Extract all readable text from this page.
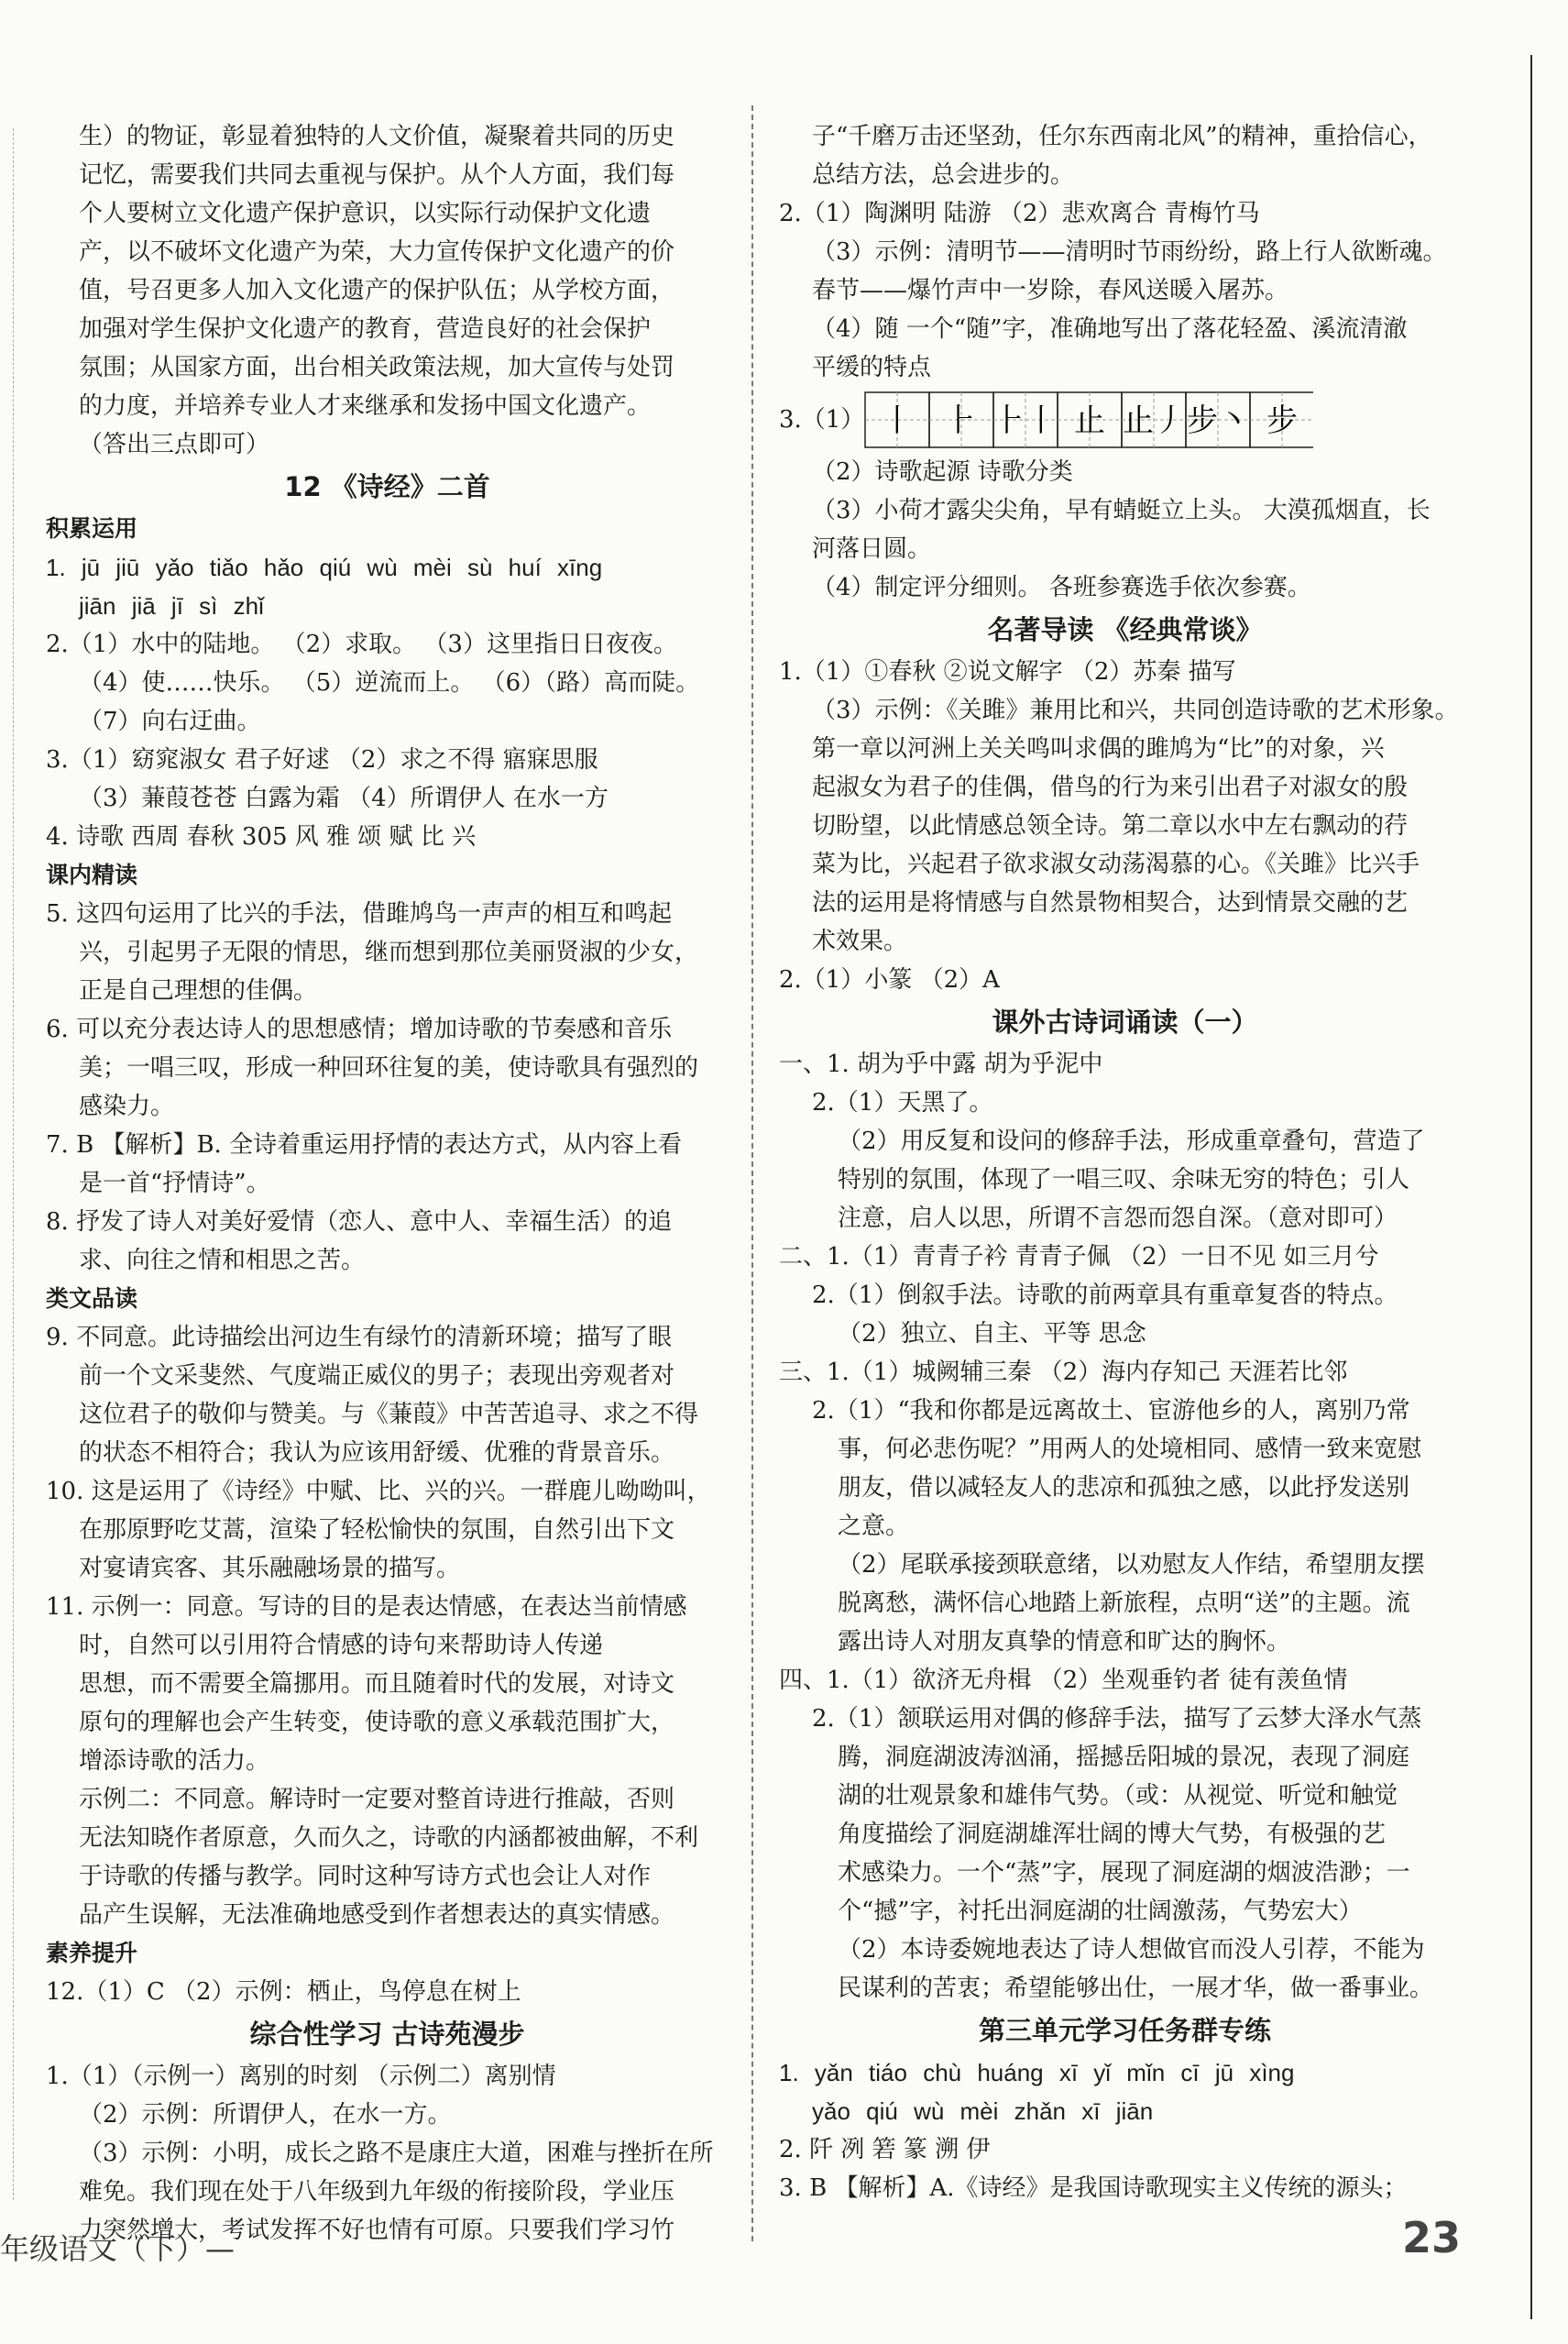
生）的物证，彰显着独特的人文价值，凝聚着共同的历史

记忆，需要我们共同去重视与保护。从个人方面，我们每

个人要树立文化遗产保护意识，以实际行动保护文化遗

产，以不破坏文化遗产为荣，大力宣传保护文化遗产的价

值，号召更多人加入文化遗产的保护队伍；从学校方面，

加强对学生保护文化遗产的教育，营造良好的社会保护

氛围；从国家方面，出台相关政策法规，加大宣传与处罚

的力度，并培养专业人才来继承和发扬中国文化遗产。

（答出三点即可）

12 《诗经》二首
积累运用

1. jū jiū yǎo tiǎo hǎo qiú wù mèi sù huí xīng

jiān jiā jī sì zhǐ

2.（1）水中的陆地。 （2）求取。 （3）这里指日日夜夜。

（4）使……快乐。 （5）逆流而上。 （6）（路）高而陡。

（7）向右迂曲。

3.（1）窈窕淑女 君子好逑 （2）求之不得 寤寐思服

（3）蒹葭苍苍 白露为霜 （4）所谓伊人 在水一方

4. 诗歌 西周 春秋 305 风 雅 颂 赋 比 兴

课内精读

5. 这四句运用了比兴的手法，借雎鸠鸟一声声的相互和鸣起

兴，引起男子无限的情思，继而想到那位美丽贤淑的少女，

正是自己理想的佳偶。

6. 可以充分表达诗人的思想感情；增加诗歌的节奏感和音乐

美；一唱三叹，形成一种回环往复的美，使诗歌具有强烈的

感染力。

7. B 【解析】B. 全诗着重运用抒情的表达方式，从内容上看

是一首“抒情诗”。

8. 抒发了诗人对美好爱情（恋人、意中人、幸福生活）的追

求、向往之情和相思之苦。

类文品读

9. 不同意。此诗描绘出河边生有绿竹的清新环境；描写了眼

前一个文采斐然、气度端正威仪的男子；表现出旁观者对

这位君子的敬仰与赞美。与《蒹葭》中苦苦追寻、求之不得

的状态不相符合；我认为应该用舒缓、优雅的背景音乐。

10. 这是运用了《诗经》中赋、比、兴的兴。一群鹿儿呦呦叫，

在那原野吃艾蒿，渲染了轻松愉快的氛围，自然引出下文

对宴请宾客、其乐融融场景的描写。

11. 示例一：同意。写诗的目的是表达情感，在表达当前情感

时，自然可以引用符合情感的诗句来帮助诗人传递

思想，而不需要全篇挪用。而且随着时代的发展，对诗文

原句的理解也会产生转变，使诗歌的意义承载范围扩大，

增添诗歌的活力。

示例二：不同意。解诗时一定要对整首诗进行推敲，否则

无法知晓作者原意，久而久之，诗歌的内涵都被曲解，不利

于诗歌的传播与教学。同时这种写诗方式也会让人对作

品产生误解，无法准确地感受到作者想表达的真实情感。

素养提升

12.（1）C （2）示例：栖止，鸟停息在树上

综合性学习 古诗苑漫步

1.（1）（示例一）离别的时刻 （示例二）离别情

（2）示例：所谓伊人，在水一方。

（3）示例：小明，成长之路不是康庄大道，困难与挫折在所

难免。我们现在处于八年级到九年级的衔接阶段，学业压

力突然增大，考试发挥不好也情有可原。只要我们学习竹

子“千磨万击还坚劲，任尔东西南北风”的精神，重拾信心，

总结方法，总会进步的。

2.（1）陶渊明 陆游 （2）悲欢离合 青梅竹马

（3）示例：清明节——清明时节雨纷纷，路上行人欲断魂。

春节——爆竹声中一岁除，春风送暖入屠苏。

（4）随 一个“随”字，准确地写出了落花轻盈、溪流清澈

平缓的特点

3.（1） 丨 ⺊ ⺊丨 止 止丿 步丶 步

（2）诗歌起源 诗歌分类

（3）小荷才露尖尖角，早有蜻蜓立上头。 大漠孤烟直，长

河落日圆。

（4）制定评分细则。 各班参赛选手依次参赛。

名著导读 《经典常谈》

1.（1）①春秋 ②说文解字 （2）苏秦 描写

（3）示例：《关雎》兼用比和兴，共同创造诗歌的艺术形象。

第一章以河洲上关关鸣叫求偶的雎鸠为“比”的对象，兴

起淑女为君子的佳偶，借鸟的行为来引出君子对淑女的殷

切盼望，以此情感总领全诗。第二章以水中左右飘动的荇

菜为比，兴起君子欲求淑女动荡渴慕的心。《关雎》比兴手

法的运用是将情感与自然景物相契合，达到情景交融的艺

术效果。

2.（1）小篆 （2）A

课外古诗词诵读（一）

一、1. 胡为乎中露 胡为乎泥中

2.（1）天黑了。

（2）用反复和设问的修辞手法，形成重章叠句，营造了

特别的氛围，体现了一唱三叹、余味无穷的特色；引人

注意，启人以思，所谓不言怨而怨自深。（意对即可）

二、1.（1）青青子衿 青青子佩 （2）一日不见 如三月兮

2.（1）倒叙手法。诗歌的前两章具有重章复沓的特点。

（2）独立、自主、平等 思念

三、1.（1）城阙辅三秦 （2）海内存知己 天涯若比邻

2.（1）“我和你都是远离故土、宦游他乡的人，离别乃常

事，何必悲伤呢？”用两人的处境相同、感情一致来宽慰

朋友，借以减轻友人的悲凉和孤独之感，以此抒发送别

之意。

（2）尾联承接颈联意绪，以劝慰友人作结，希望朋友摆

脱离愁，满怀信心地踏上新旅程，点明“送”的主题。流

露出诗人对朋友真挚的情意和旷达的胸怀。

四、1.（1）欲济无舟楫 （2）坐观垂钓者 徒有羡鱼情

2.（1）颔联运用对偶的修辞手法，描写了云梦大泽水气蒸

腾，洞庭湖波涛汹涌，摇撼岳阳城的景况，表现了洞庭

湖的壮观景象和雄伟气势。（或：从视觉、听觉和触觉

角度描绘了洞庭湖雄浑壮阔的博大气势，有极强的艺

术感染力。一个“蒸”字，展现了洞庭湖的烟波浩渺；一

个“撼”字，衬托出洞庭湖的壮阔激荡，气势宏大）

（2）本诗委婉地表达了诗人想做官而没人引荐，不能为

民谋利的苦衷；希望能够出仕，一展才华，做一番事业。

第三单元学习任务群专练

1. yǎn tiáo chù huáng xī yǐ mǐn cī jū xìng

yǎo qiú wù mèi zhǎn xī jiān

2. 阡 冽 箬 篆 溯 伊

3. B 【解析】A.《诗经》是我国诗歌现实主义传统的源头；

年级语文（下）—	23
